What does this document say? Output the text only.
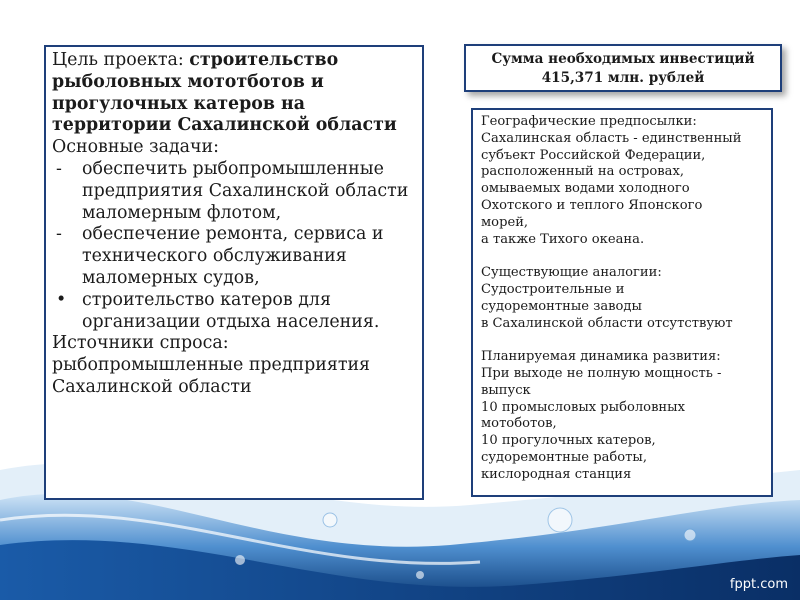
Цель проекта: строительство рыболовных мототботов и прогулочных катеров на территории Сахалинской области

Основные задачи:

-	обеспечить рыбопромышленные предприятия Сахалинской области маломерным флотом,
-	обеспечение ремонта, сервиса и технического обслуживания маломерных судов,
• строительство катеров для организации отдыха населения.

Источники спроса:

рыбопромышленные предприятия Сахалинской области

Сумма необходимых инвестиций
415,371 млн. рублей
Географические предпосылки:
Сахалинская область - единственный
субъект Российской Федерации,
расположенный на островах,
омываемых водами холодного
Охотского и теплого Японского
морей,
а также Тихого океана.
Существующие аналогии:
Судостроительные и
судоремонтные заводы
в Сахалинской области отсутствуют
Планируемая динамика развития:
При выходе не полную мощность -
выпуск
10 промысловых рыболовных
мотоботов,
10 прогулочных катеров,
судоремонтные работы,
кислородная станция
fppt.com
